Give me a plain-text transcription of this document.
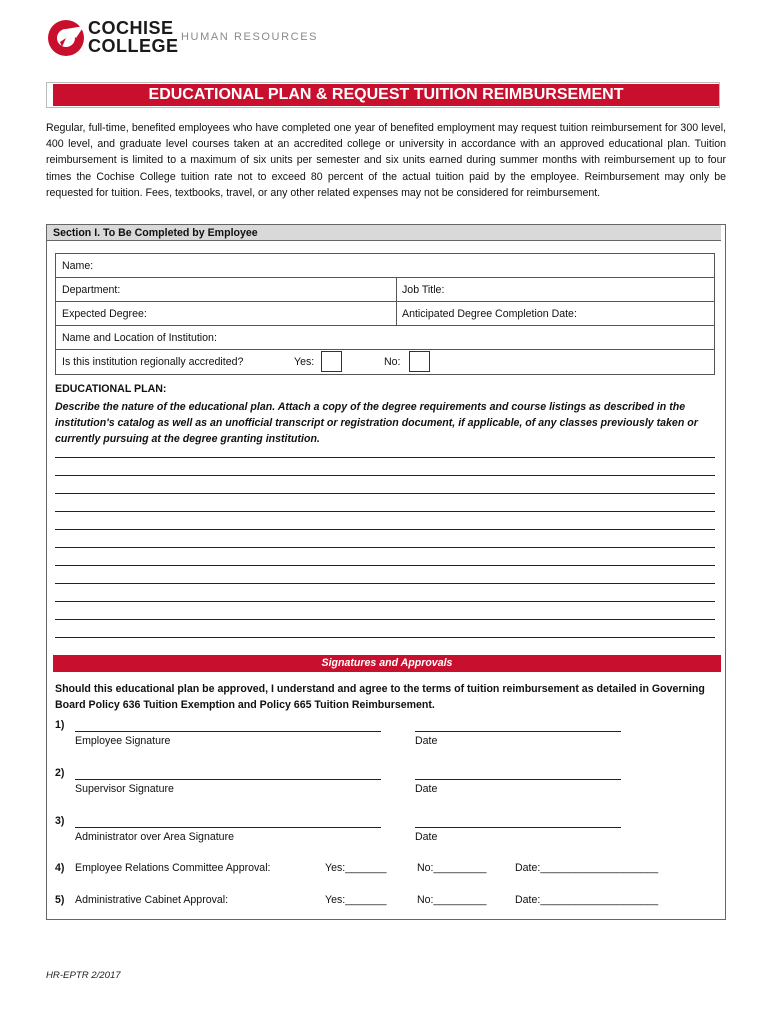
COCHISE
COLLEGE HUMAN RESOURCES
EDUCATIONAL PLAN & REQUEST TUITION REIMBURSEMENT
Regular, full-time, benefited employees who have completed one year of benefited employment may request tuition reimbursement for 300 level, 400 level, and graduate level courses taken at an accredited college or university in accordance with an approved educational plan. Tuition reimbursement is limited to a maximum of six units per semester and six units earned during summer months with reimbursement up to four times the Cochise College tuition rate not to exceed 80 percent of the actual tuition paid by the employee. Reimbursement may only be requested for tuition. Fees, textbooks, travel, or any other related expenses may not be considered for reimbursement.
Section I. To Be Completed by Employee
Name:
Department:	Job Title:
Expected Degree:	Anticipated Degree Completion Date:
Name and Location of Institution:
Is this institution regionally accredited?	Yes:	No:
EDUCATIONAL PLAN:
Describe the nature of the educational plan. Attach a copy of the degree requirements and course listings as described in the institution's catalog as well as an unofficial transcript or registration document, if applicable, of any classes previously taken or currently pursuing at the degree granting institution.
Signatures and Approvals
Should this educational plan be approved, I understand and agree to the terms of tuition reimbursement as detailed in Governing Board Policy 636 Tuition Exemption and Policy 665 Tuition Reimbursement.
1)
Employee Signature	Date
2)
Supervisor Signature	Date
3)
Administrator over Area Signature	Date
4) Employee Relations Committee Approval:	Yes:_______	No:_________	Date:____________________
5) Administrative Cabinet Approval:	Yes:_______	No:_________	Date:____________________
HR-EPTR 2/2017
